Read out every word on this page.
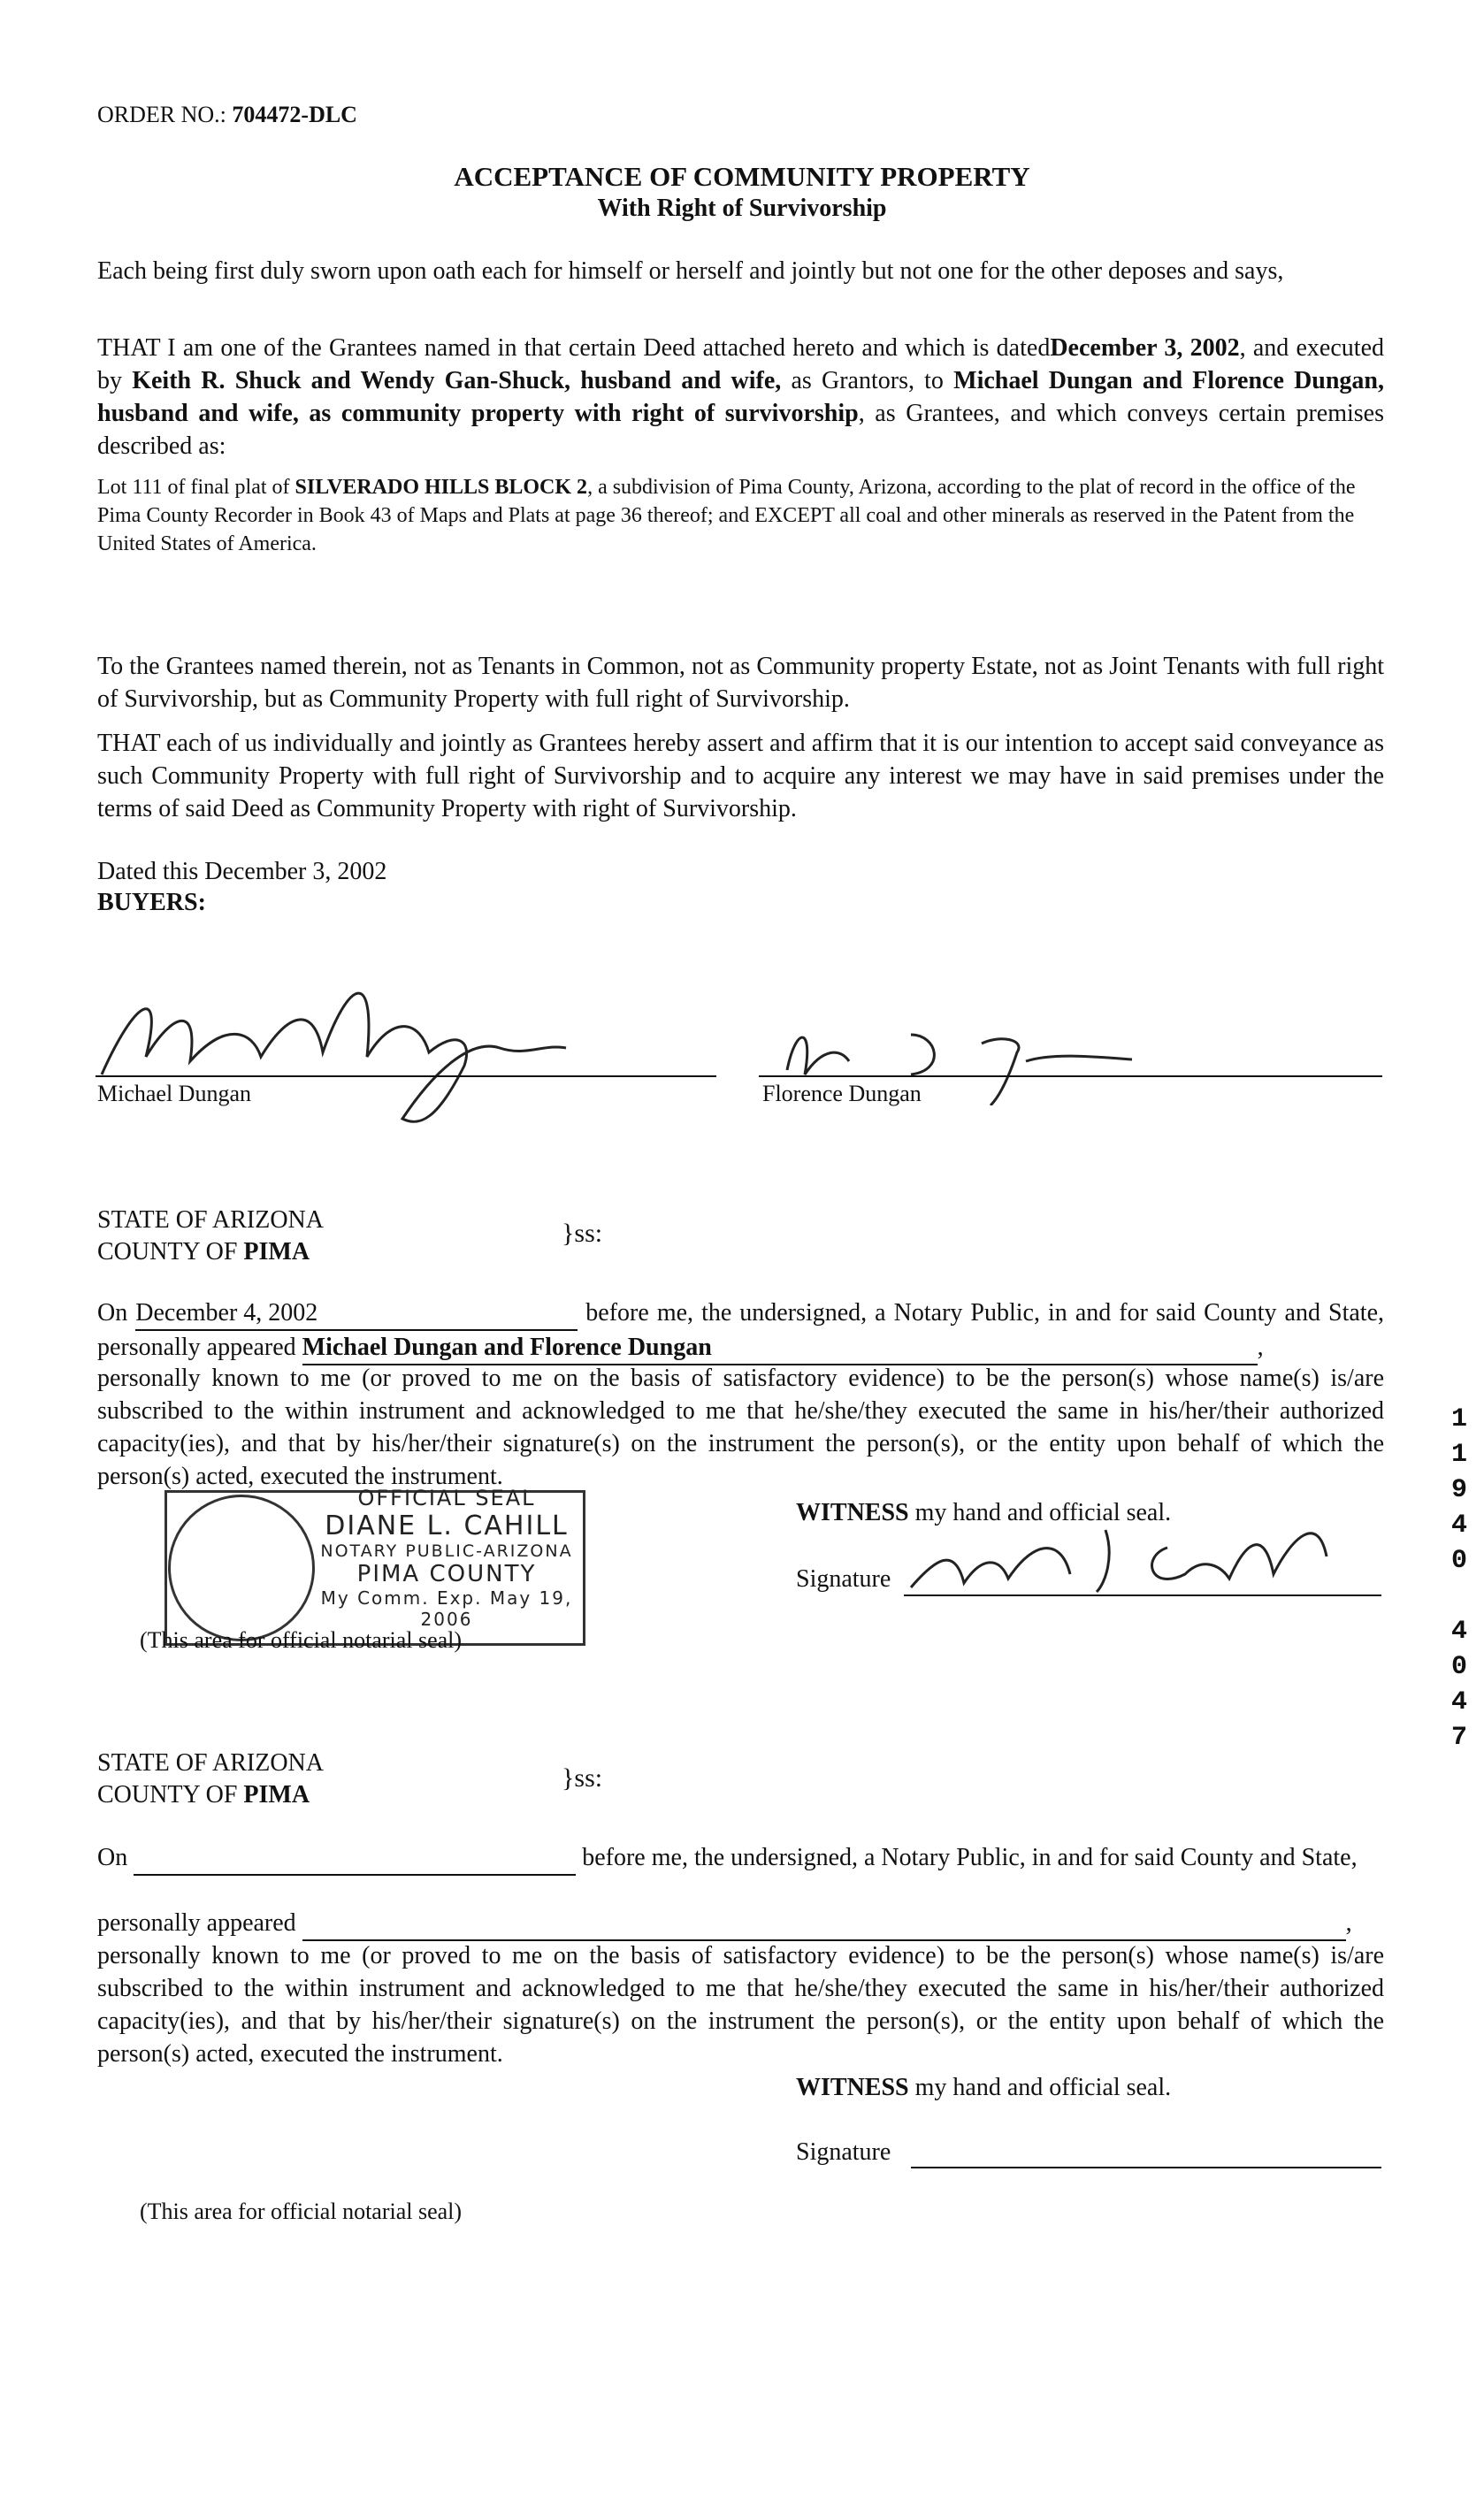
ORDER NO.: 704472-DLC
ACCEPTANCE OF COMMUNITY PROPERTY
With Right of Survivorship
Each being first duly sworn upon oath each for himself or herself and jointly but not one for the other deposes and says,
THAT I am one of the Grantees named in that certain Deed attached hereto and which is datedDecember 3, 2002, and executed by Keith R. Shuck and Wendy Gan-Shuck, husband and wife, as Grantors, to Michael Dungan and Florence Dungan, husband and wife, as community property with right of survivorship, as Grantees, and which conveys certain premises described as:
Lot 111 of final plat of SILVERADO HILLS BLOCK 2, a subdivision of Pima County, Arizona, according to the plat of record in the office of the Pima County Recorder in Book 43 of Maps and Plats at page 36 thereof; and EXCEPT all coal and other minerals as reserved in the Patent from the United States of America.
To the Grantees named therein, not as Tenants in Common, not as Community property Estate, not as Joint Tenants with full right of Survivorship, but as Community Property with full right of Survivorship.
THAT each of us individually and jointly as Grantees hereby assert and affirm that it is our intention to accept said conveyance as such Community Property with full right of Survivorship and to acquire any interest we may have in said premises under the terms of said Deed as Community Property with right of Survivorship.
Dated this December 3, 2002
BUYERS:
Michael Dungan	Florence Dungan
STATE OF ARIZONA
COUNTY OF PIMA
}ss:
On December 4, 2002	before me, the undersigned, a Notary Public, in and for said County and State, personally appeared Michael Dungan and Florence Dungan	,
personally known to me (or proved to me on the basis of satisfactory evidence) to be the person(s) whose name(s) is/are subscribed to the within instrument and acknowledged to me that he/she/they executed the same in his/her/their authorized capacity(ies), and that by his/her/their signature(s) on the instrument the person(s), or the entity upon behalf of which the person(s) acted, executed the instrument.
OFFICIAL SEAL
DIANE L. CAHILL
NOTARY PUBLIC-ARIZONA
PIMA COUNTY
My Comm. Exp. May 19, 2006
(This area for official notarial seal)
WITNESS my hand and official seal.
Signature
STATE OF ARIZONA
COUNTY OF PIMA
}ss:
On	before me, the undersigned, a Notary Public, in and for said County and State,
personally appeared	,
personally known to me (or proved to me on the basis of satisfactory evidence) to be the person(s) whose name(s) is/are subscribed to the within instrument and acknowledged to me that he/she/they executed the same in his/her/their authorized capacity(ies), and that by his/her/their signature(s) on the instrument the person(s), or the entity upon behalf of which the person(s) acted, executed the instrument.
WITNESS my hand and official seal.
Signature
(This area for official notarial seal)
1
1
9
4
0

4
0
4
7
